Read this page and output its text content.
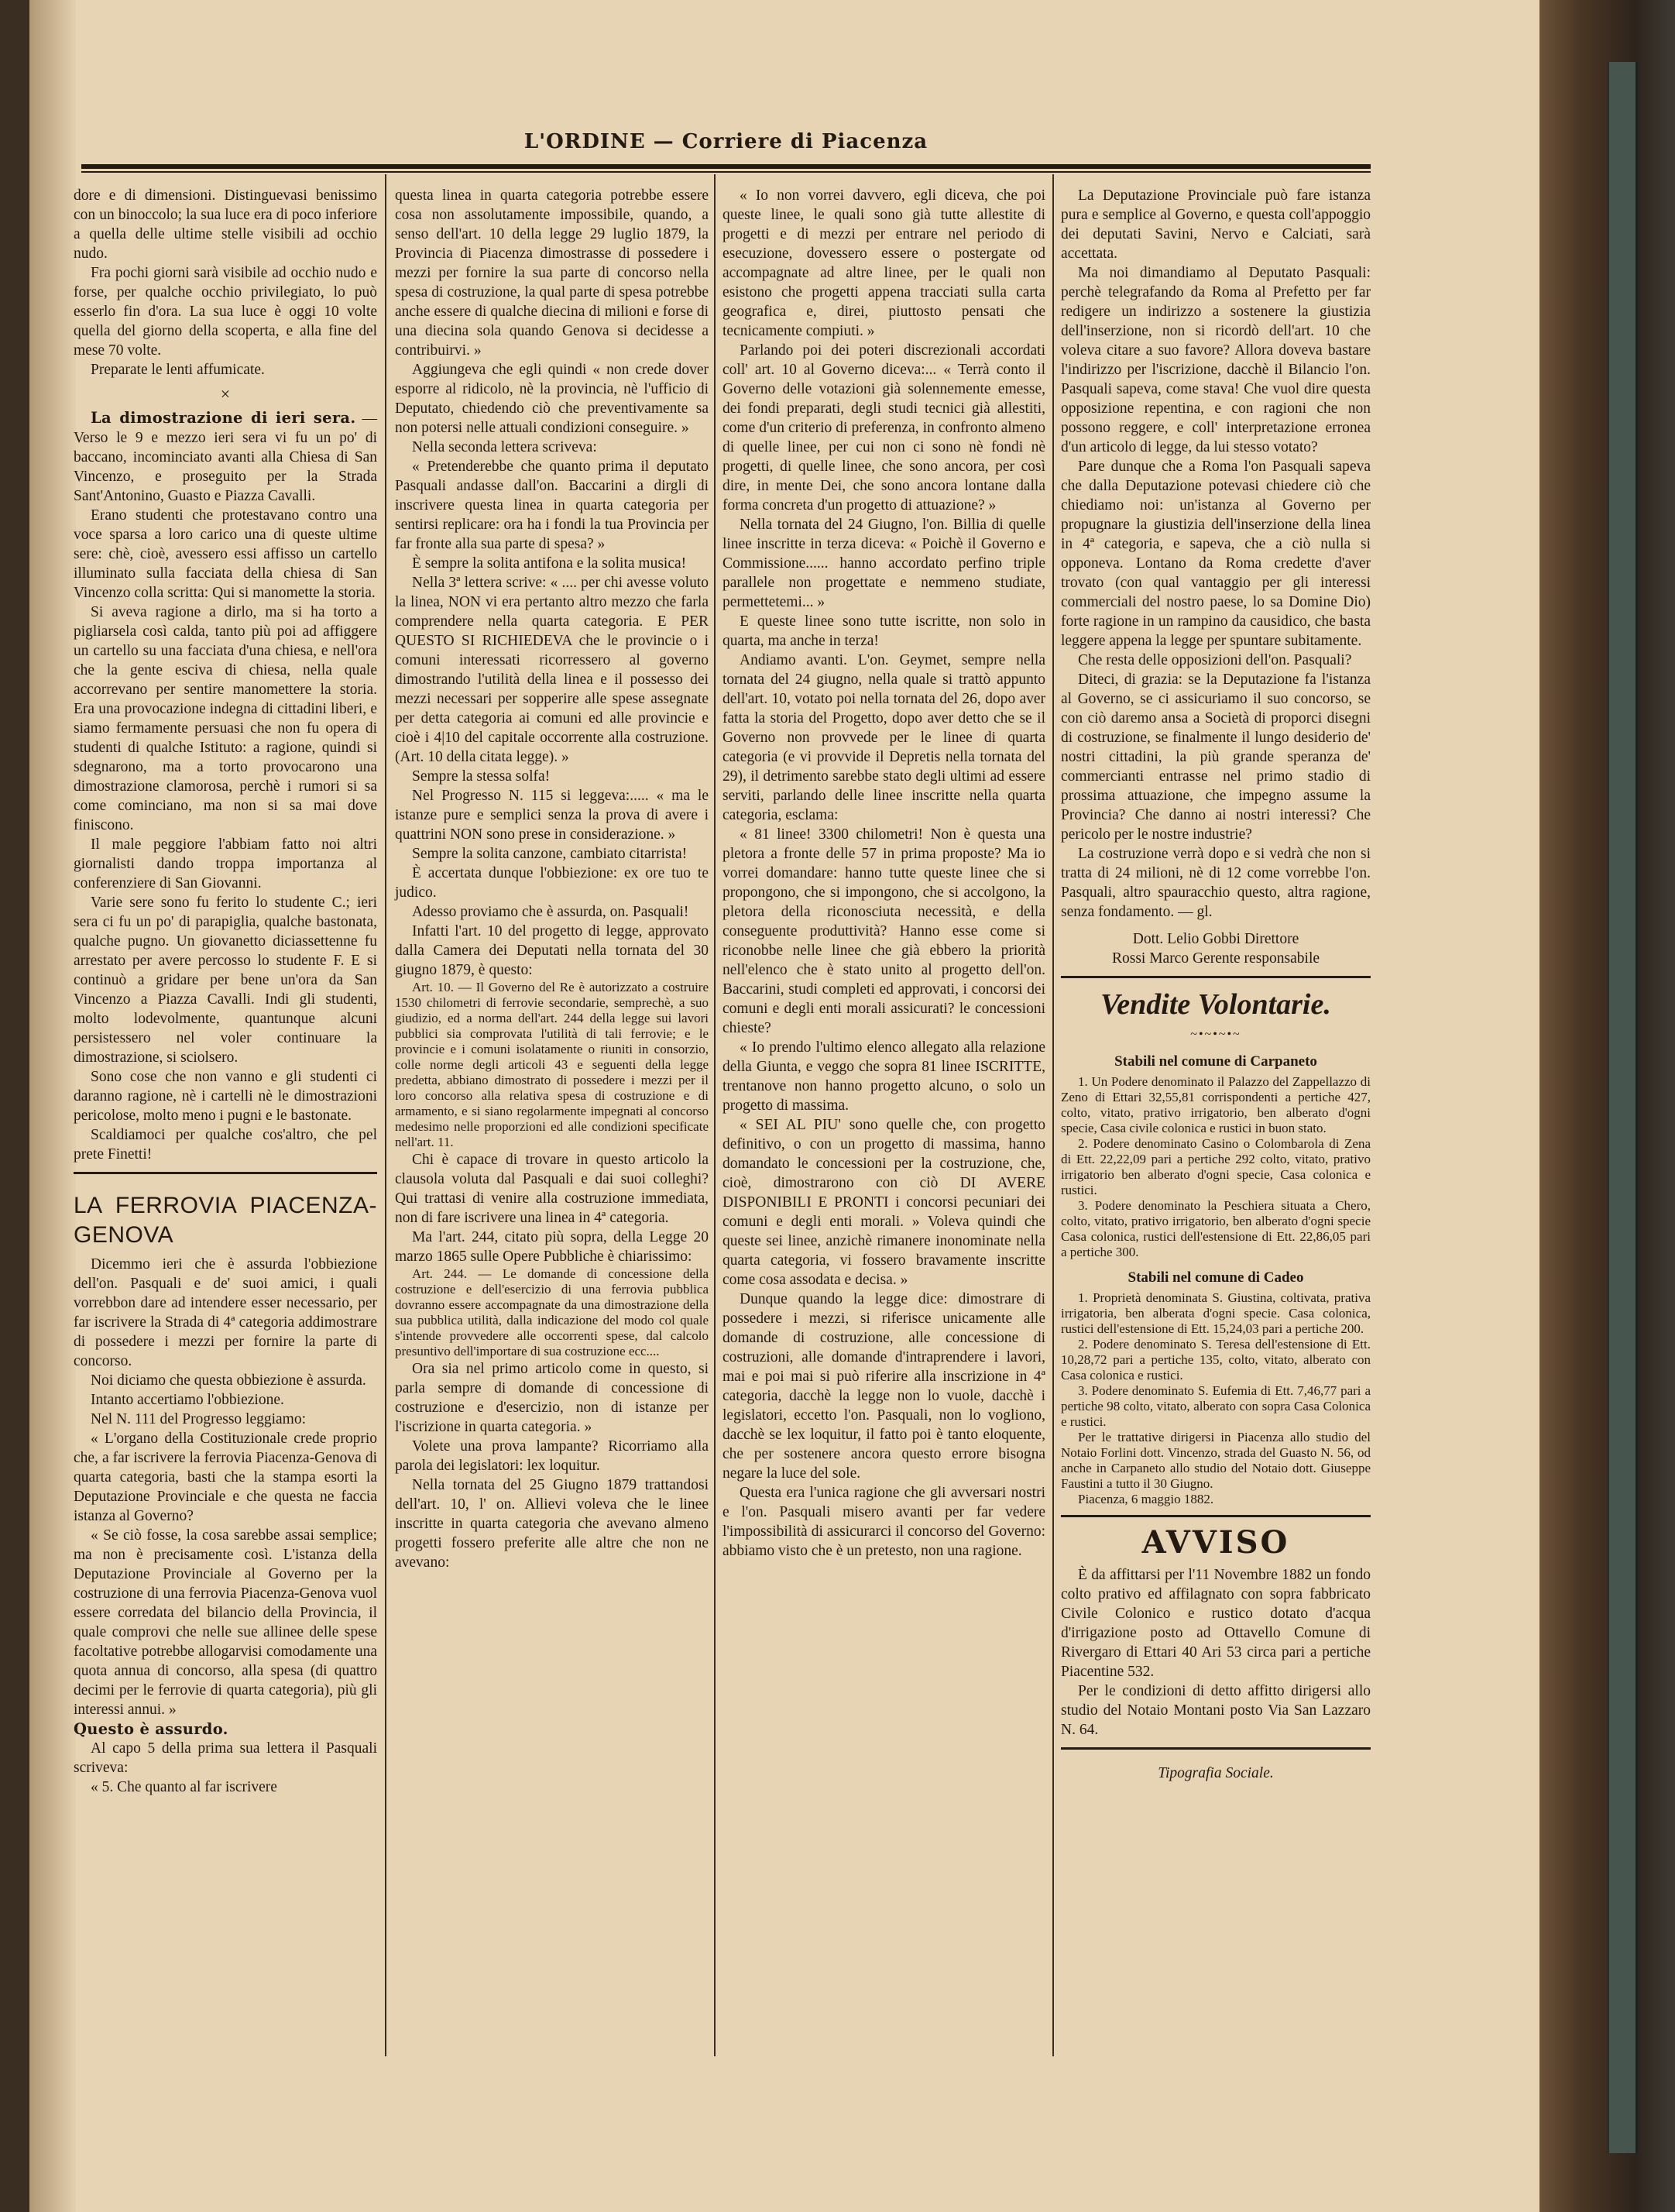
L'ORDINE — Corriere di Piacenza

dore e di dimensioni. Distinguevasi benissimo con un binoccolo; la sua luce era di poco inferiore a quella delle ultime stelle visibili ad occhio nudo.

Fra pochi giorni sarà visibile ad occhio nudo e forse, per qualche occhio privilegiato, lo può esserlo fin d'ora. La sua luce è oggi 10 volte quella del giorno della scoperta, e alla fine del mese 70 volte.

Preparate le lenti affumicate.

×

La dimostrazione di ieri sera. — Verso le 9 e mezzo ieri sera vi fu un po' di baccano, incominciato avanti alla Chiesa di San Vincenzo, e proseguito per la Strada Sant'Antonino, Guasto e Piazza Cavalli.

Erano studenti che protestavano contro una voce sparsa a loro carico una di queste ultime sere: chè, cioè, avessero essi affisso un cartello illuminato sulla facciata della chiesa di San Vincenzo colla scritta: Qui si manomette la storia.

Si aveva ragione a dirlo, ma si ha torto a pigliarsela così calda, tanto più poi ad affiggere un cartello su una facciata d'una chiesa, e nell'ora che la gente esciva di chiesa, nella quale accorrevano per sentire manomettere la storia. Era una provocazione indegna di cittadini liberi, e siamo fermamente persuasi che non fu opera di studenti di qualche Istituto: a ragione, quindi si sdegnarono, ma a torto provocarono una dimostrazione clamorosa, perchè i rumori si sa come cominciano, ma non si sa mai dove finiscono.

Il male peggiore l'abbiam fatto noi altri giornalisti dando troppa importanza al conferenziere di San Giovanni.

Varie sere sono fu ferito lo studente C.; ieri sera ci fu un po' di parapiglia, qualche bastonata, qualche pugno. Un giovanetto diciassettenne fu arrestato per avere percosso lo studente F. E si continuò a gridare per bene un'ora da San Vincenzo a Piazza Cavalli. Indi gli studenti, molto lodevolmente, quantunque alcuni persistessero nel voler continuare la dimostrazione, si sciolsero.

Sono cose che non vanno e gli studenti ci daranno ragione, nè i cartelli nè le dimostrazioni pericolose, molto meno i pugni e le bastonate.

Scaldiamoci per qualche cos'altro, che pel prete Finetti!

LA FERROVIA PIACENZA-GENOVA

Dicemmo ieri che è assurda l'obbiezione dell'on. Pasquali e de' suoi amici, i quali vorrebbon dare ad intendere esser necessario, per far iscrivere la Strada di 4ª categoria addimostrare di possedere i mezzi per fornire la parte di concorso.

Noi diciamo che questa obbiezione è assurda.

Intanto accertiamo l'obbiezione.

Nel N. 111 del Progresso leggiamo:

« L'organo della Costituzionale crede proprio che, a far iscrivere la ferrovia Piacenza-Genova di quarta categoria, basti che la stampa esorti la Deputazione Provinciale e che questa ne faccia istanza al Governo?

« Se ciò fosse, la cosa sarebbe assai semplice; ma non è precisamente così. L'istanza della Deputazione Provinciale al Governo per la costruzione di una ferrovia Piacenza-Genova vuol essere corredata del bilancio della Provincia, il quale comprovi che nelle sue allinee delle spese facoltative potrebbe allogarvisi comodamente una quota annua di concorso, alla spesa (di quattro decimi per le ferrovie di quarta categoria), più gli interessi annui. »

Questo è assurdo.

Al capo 5 della prima sua lettera il Pasquali scriveva:

« 5. Che quanto al far iscrivere

questa linea in quarta categoria potrebbe essere cosa non assolutamente impossibile, quando, a senso dell'art. 10 della legge 29 luglio 1879, la Provincia di Piacenza dimostrasse di possedere i mezzi per fornire la sua parte di concorso nella spesa di costruzione, la qual parte di spesa potrebbe anche essere di qualche diecina di milioni e forse di una diecina sola quando Genova si decidesse a contribuirvi. »

Aggiungeva che egli quindi « non crede dover esporre al ridicolo, nè la provincia, nè l'ufficio di Deputato, chiedendo ciò che preventivamente sa non potersi nelle attuali condizioni conseguire. »

Nella seconda lettera scriveva:

« Pretenderebbe che quanto prima il deputato Pasquali andasse dall'on. Baccarini a dirgli di inscrivere questa linea in quarta categoria per sentirsi replicare: ora ha i fondi la tua Provincia per far fronte alla sua parte di spesa? »

È sempre la solita antifona e la solita musica!

Nella 3ª lettera scrive: « .... per chi avesse voluto la linea, NON vi era pertanto altro mezzo che farla comprendere nella quarta categoria. E PER QUESTO SI RICHIEDEVA che le provincie o i comuni interessati ricorressero al governo dimostrando l'utilità della linea e il possesso dei mezzi necessari per sopperire alle spese assegnate per detta categoria ai comuni ed alle provincie e cioè i 4|10 del capitale occorrente alla costruzione. (Art. 10 della citata legge). »

Sempre la stessa solfa!

Nel Progresso N. 115 si leggeva:..... « ma le istanze pure e semplici senza la prova di avere i quattrini NON sono prese in considerazione. »

Sempre la solita canzone, cambiato citarrista!

È accertata dunque l'obbiezione: ex ore tuo te judico.

Adesso proviamo che è assurda, on. Pasquali!

Infatti l'art. 10 del progetto di legge, approvato dalla Camera dei Deputati nella tornata del 30 giugno 1879, è questo:

Art. 10. — Il Governo del Re è autorizzato a costruire 1530 chilometri di ferrovie secondarie, semprechè, a suo giudizio, ed a norma dell'art. 244 della legge sui lavori pubblici sia comprovata l'utilità di tali ferrovie; e le provincie e i comuni isolatamente o riuniti in consorzio, colle norme degli articoli 43 e seguenti della legge predetta, abbiano dimostrato di possedere i mezzi per il loro concorso alla relativa spesa di costruzione e di armamento, e si siano regolarmente impegnati al concorso medesimo nelle proporzioni ed alle condizioni specificate nell'art. 11.

Chi è capace di trovare in questo articolo la clausola voluta dal Pasquali e dai suoi colleghi? Qui trattasi di venire alla costruzione immediata, non di fare iscrivere una linea in 4ª categoria.

Ma l'art. 244, citato più sopra, della Legge 20 marzo 1865 sulle Opere Pubbliche è chiarissimo:

Art. 244. — Le domande di concessione della costruzione e dell'esercizio di una ferrovia pubblica dovranno essere accompagnate da una dimostrazione della sua pubblica utilità, dalla indicazione del modo col quale s'intende provvedere alle occorrenti spese, dal calcolo presuntivo dell'importare di sua costruzione ecc....

Ora sia nel primo articolo come in questo, si parla sempre di domande di concessione di costruzione e d'esercizio, non di istanze per l'iscrizione in quarta categoria. »

Volete una prova lampante? Ricorriamo alla parola dei legislatori: lex loquitur.

Nella tornata del 25 Giugno 1879 trattandosi dell'art. 10, l' on. Allievi voleva che le linee inscritte in quarta categoria che avevano almeno progetti fossero preferite alle altre che non ne avevano:

« Io non vorrei davvero, egli diceva, che poi queste linee, le quali sono già tutte allestite di progetti e di mezzi per entrare nel periodo di esecuzione, dovessero essere o postergate od accompagnate ad altre linee, per le quali non esistono che progetti appena tracciati sulla carta geografica e, direi, piuttosto pensati che tecnicamente compiuti. »

Parlando poi dei poteri discrezionali accordati coll' art. 10 al Governo diceva:... « Terrà conto il Governo delle votazioni già solennemente emesse, dei fondi preparati, degli studi tecnici già allestiti, come d'un criterio di preferenza, in confronto almeno di quelle linee, per cui non ci sono nè fondi nè progetti, di quelle linee, che sono ancora, per così dire, in mente Dei, che sono ancora lontane dalla forma concreta d'un progetto di attuazione? »

Nella tornata del 24 Giugno, l'on. Billia di quelle linee inscritte in terza diceva: « Poichè il Governo e Commissione...... hanno accordato perfino triple parallele non progettate e nemmeno studiate, permettetemi... »

E queste linee sono tutte iscritte, non solo in quarta, ma anche in terza!

Andiamo avanti. L'on. Geymet, sempre nella tornata del 24 giugno, nella quale si trattò appunto dell'art. 10, votato poi nella tornata del 26, dopo aver fatta la storia del Progetto, dopo aver detto che se il Governo non provvede per le linee di quarta categoria (e vi provvide il Depretis nella tornata del 29), il detrimento sarebbe stato degli ultimi ad essere serviti, parlando delle linee inscritte nella quarta categoria, esclama:

« 81 linee! 3300 chilometri! Non è questa una pletora a fronte delle 57 in prima proposte? Ma io vorrei domandare: hanno tutte queste linee che si propongono, che si impongono, che si accolgono, la pletora della riconosciuta necessità, e della conseguente produttività? Hanno esse come si riconobbe nelle linee che già ebbero la priorità nell'elenco che è stato unito al progetto dell'on. Baccarini, studi completi ed approvati, i concorsi dei comuni e degli enti morali assicurati? le concessioni chieste?

« Io prendo l'ultimo elenco allegato alla relazione della Giunta, e veggo che sopra 81 linee ISCRITTE, trentanove non hanno progetto alcuno, o solo un progetto di massima.

« SEI AL PIU' sono quelle che, con progetto definitivo, o con un progetto di massima, hanno domandato le concessioni per la costruzione, che, cioè, dimostrarono con ciò DI AVERE DISPONIBILI E PRONTI i concorsi pecuniari dei comuni e degli enti morali. » Voleva quindi che queste sei linee, anzichè rimanere inonominate nella quarta categoria, vi fossero bravamente inscritte come cosa assodata e decisa. »

Dunque quando la legge dice: dimostrare di possedere i mezzi, si riferisce unicamente alle domande di costruzione, alle concessione di costruzioni, alle domande d'intraprendere i lavori, mai e poi mai si può riferire alla inscrizione in 4ª categoria, dacchè la legge non lo vuole, dacchè i legislatori, eccetto l'on. Pasquali, non lo vogliono, dacchè se lex loquitur, il fatto poi è tanto eloquente, che per sostenere ancora questo errore bisogna negare la luce del sole.

Questa era l'unica ragione che gli avversari nostri e l'on. Pasquali misero avanti per far vedere l'impossibilità di assicurarci il concorso del Governo: abbiamo visto che è un pretesto, non una ragione.

La Deputazione Provinciale può fare istanza pura e semplice al Governo, e questa coll'appoggio dei deputati Savini, Nervo e Calciati, sarà accettata.

Ma noi dimandiamo al Deputato Pasquali: perchè telegrafando da Roma al Prefetto per far redigere un indirizzo a sostenere la giustizia dell'inserzione, non si ricordò dell'art. 10 che voleva citare a suo favore? Allora doveva bastare l'indirizzo per l'iscrizione, dacchè il Bilancio l'on. Pasquali sapeva, come stava! Che vuol dire questa opposizione repentina, e con ragioni che non possono reggere, e coll' interpretazione erronea d'un articolo di legge, da lui stesso votato?

Pare dunque che a Roma l'on Pasquali sapeva che dalla Deputazione potevasi chiedere ciò che chiediamo noi: un'istanza al Governo per propugnare la giustizia dell'inserzione della linea in 4ª categoria, e sapeva, che a ciò nulla si opponeva. Lontano da Roma credette d'aver trovato (con qual vantaggio per gli interessi commerciali del nostro paese, lo sa Domine Dio) forte ragione in un rampino da causidico, che basta leggere appena la legge per spuntare subitamente.

Che resta delle opposizioni dell'on. Pasquali?

Diteci, di grazia: se la Deputazione fa l'istanza al Governo, se ci assicuriamo il suo concorso, se con ciò daremo ansa a Società di proporci disegni di costruzione, se finalmente il lungo desiderio de' nostri cittadini, la più grande speranza de' commercianti entrasse nel primo stadio di prossima attuazione, che impegno assume la Provincia? Che danno ai nostri interessi? Che pericolo per le nostre industrie?

La costruzione verrà dopo e si vedrà che non si tratta di 24 milioni, nè di 12 come vorrebbe l'on. Pasquali, altro spauracchio questo, altra ragione, senza fondamento. — gl.

Dott. Lelio Gobbi Direttore
Rossi Marco Gerente responsabile
Vendite Volontarie.
~•~•~•~
Stabili nel comune di Carpaneto

1. Un Podere denominato il Palazzo del Zappellazzo di Zeno di Ettari 32,55,81 corrispondenti a pertiche 427, colto, vitato, prativo irrigatorio, ben alberato d'ogni specie, Casa civile colonica e rustici in buon stato.

2. Podere denominato Casino o Colombarola di Zena di Ett. 22,22,09 pari a pertiche 292 colto, vitato, prativo irrigatorio ben alberato d'ogni specie, Casa colonica e rustici.

3. Podere denominato la Peschiera situata a Chero, colto, vitato, prativo irrigatorio, ben alberato d'ogni specie Casa colonica, rustici dell'estensione di Ett. 22,86,05 pari a pertiche 300.

Stabili nel comune di Cadeo

1. Proprietà denominata S. Giustina, coltivata, prativa irrigatoria, ben alberata d'ogni specie. Casa colonica, rustici dell'estensione di Ett. 15,24,03 pari a pertiche 200.

2. Podere denominato S. Teresa dell'estensione di Ett. 10,28,72 pari a pertiche 135, colto, vitato, alberato con Casa colonica e rustici.

3. Podere denominato S. Eufemia di Ett. 7,46,77 pari a pertiche 98 colto, vitato, alberato con sopra Casa Colonica e rustici.

Per le trattative dirigersi in Piacenza allo studio del Notaio Forlini dott. Vincenzo, strada del Guasto N. 56, od anche in Carpaneto allo studio del Notaio dott. Giuseppe Faustini a tutto il 30 Giugno.

Piacenza, 6 maggio 1882.

AVVISO

È da affittarsi per l'11 Novembre 1882 un fondo colto prativo ed affilagnato con sopra fabbricato Civile Colonico e rustico dotato d'acqua d'irrigazione posto ad Ottavello Comune di Rivergaro di Ettari 40 Ari 53 circa pari a pertiche Piacentine 532.

Per le condizioni di detto affitto dirigersi allo studio del Notaio Montani posto Via San Lazzaro N. 64.

Tipografia Sociale.
